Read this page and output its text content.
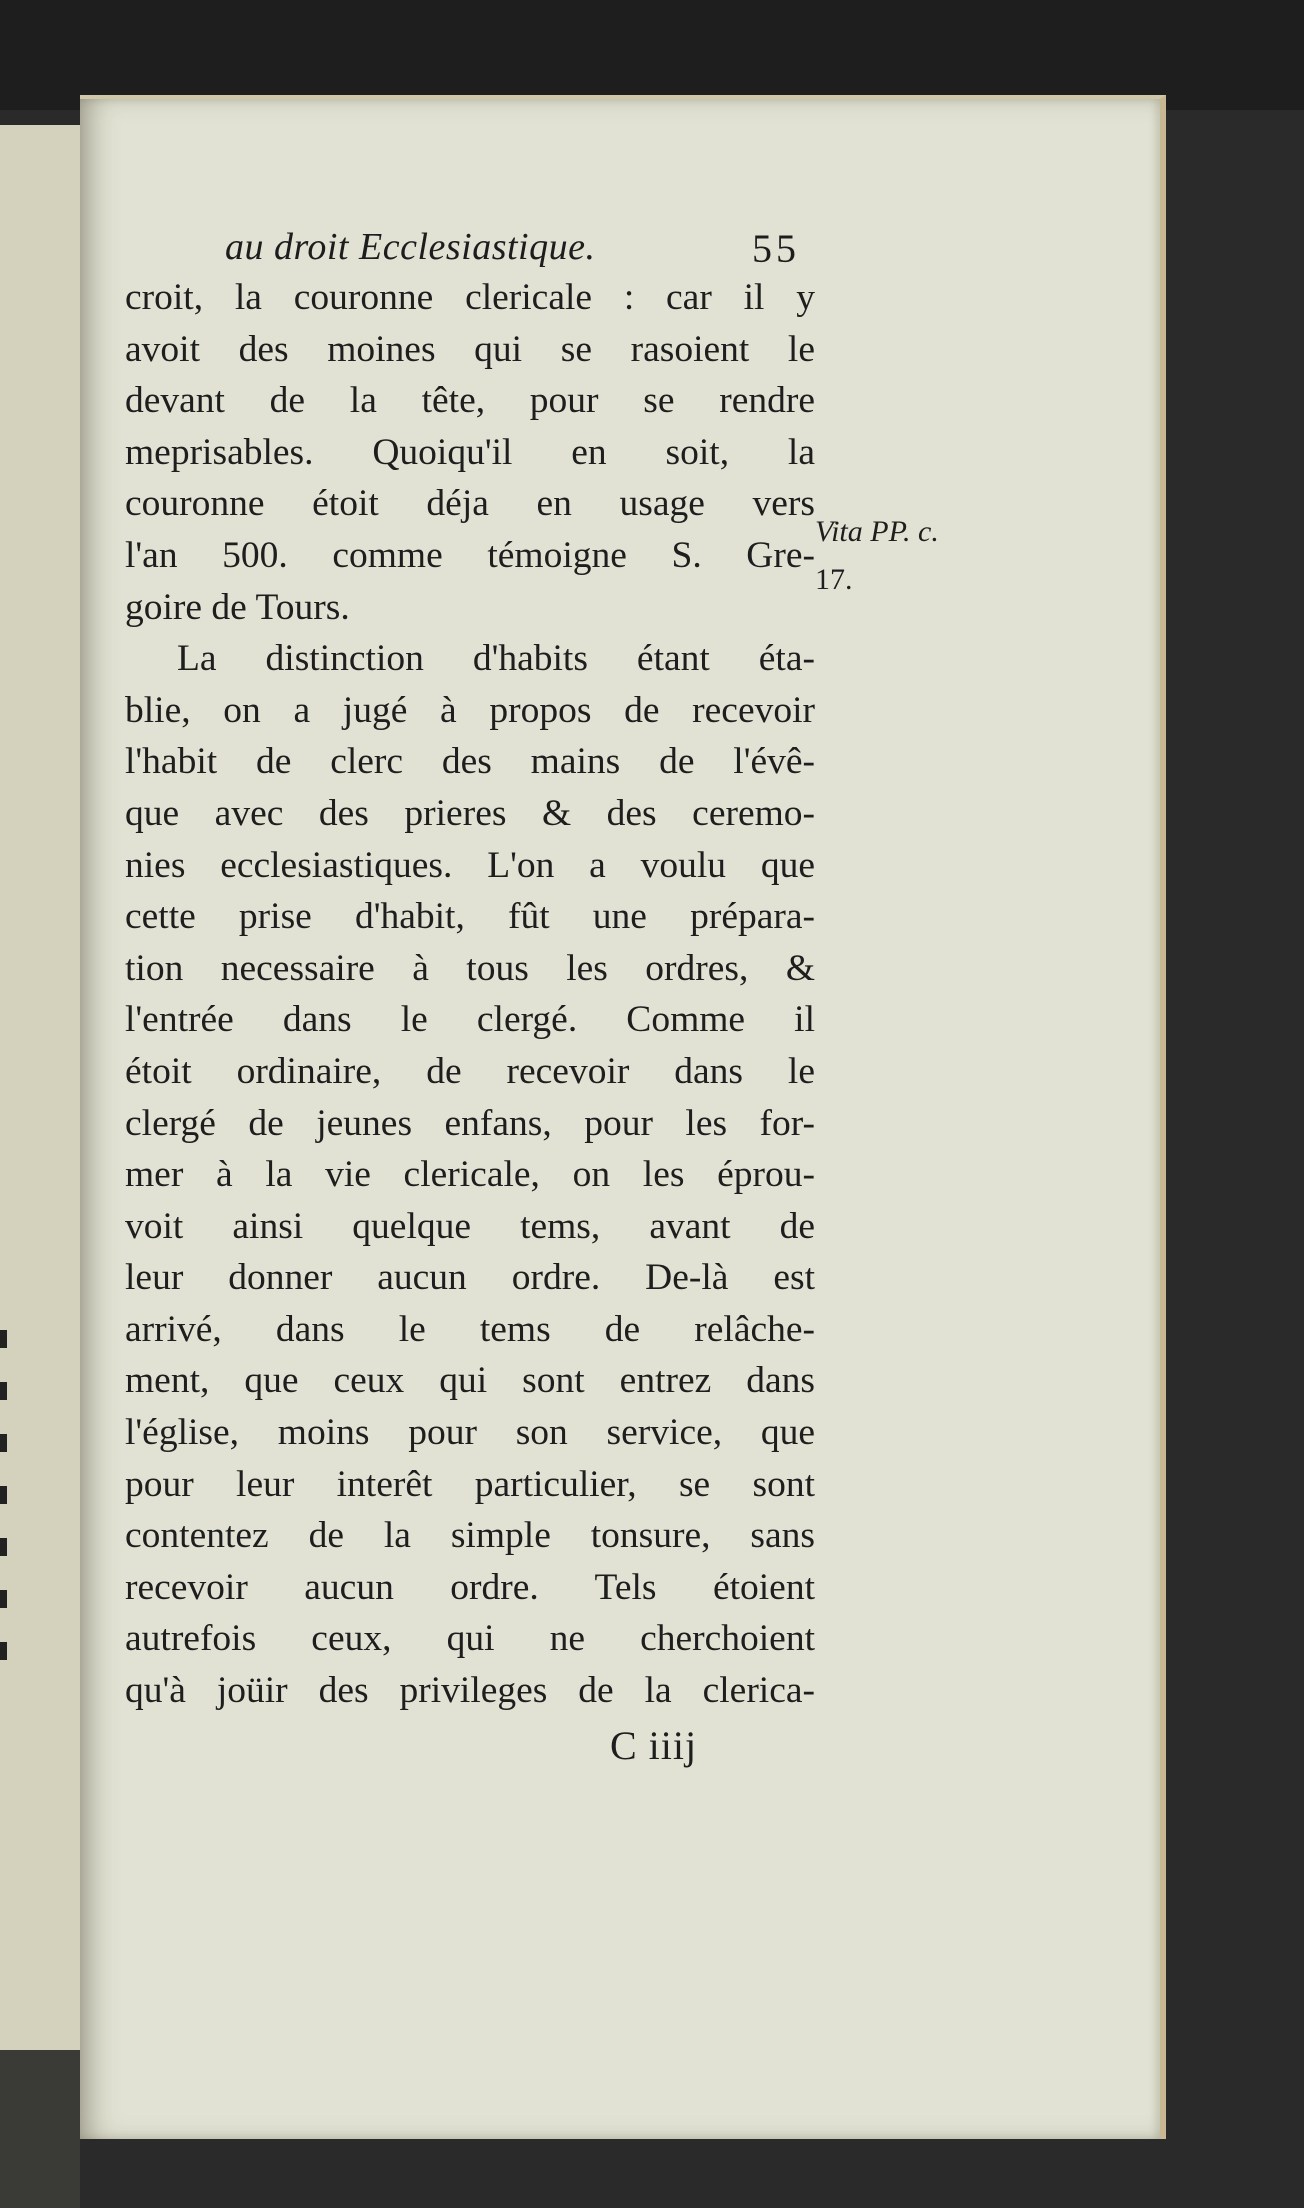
au droit Ecclesiastique.	55
croit, la couronne clericale : car il y
avoit des moines qui se rasoient le
devant de la tête, pour se rendre
meprisables. Quoiqu'il en soit, la
couronne étoit déja en usage vers
l'an 500. comme témoigne S. Gre-
goire de Tours.
La distinction d'habits étant éta-
blie, on a jugé à propos de recevoir
l'habit de clerc des mains de l'évê-
que avec des prieres & des ceremo-
nies ecclesiastiques. L'on a voulu que
cette prise d'habit, fût une prépara-
tion necessaire à tous les ordres, &
l'entrée dans le clergé. Comme il
étoit ordinaire, de recevoir dans le
clergé de jeunes enfans, pour les for-
mer à la vie clericale, on les éprou-
voit ainsi quelque tems, avant de
leur donner aucun ordre. De-là est
arrivé, dans le tems de relâche-
ment, que ceux qui sont entrez dans
l'église, moins pour son service, que
pour leur interêt particulier, se sont
contentez de la simple tonsure, sans
recevoir aucun ordre. Tels étoient
autrefois ceux, qui ne cherchoient
qu'à joüir des privileges de la clerica-
Vita PP. c.
17.
C iiij
